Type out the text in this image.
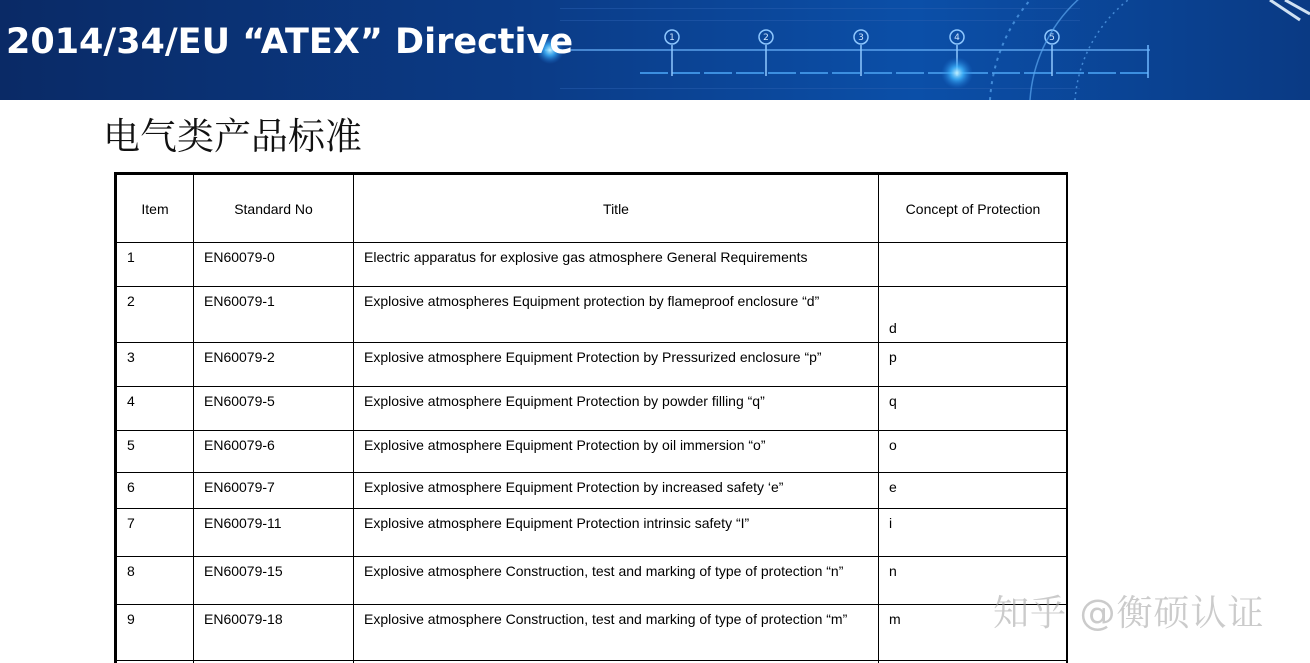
1	2	3	4	5
2014/34/EU “ATEX” Directive
电气类产品标准
Item	Standard No	Title	Concept of Protection

1	EN60079-0	Electric apparatus for explosive gas atmosphere General Requirements	

2	EN60079-1	Explosive atmospheres Equipment protection by flameproof enclosure “d”	d

3	EN60079-2	Explosive atmosphere Equipment Protection by Pressurized enclosure “p”	p

4	EN60079-5	Explosive atmosphere Equipment Protection by powder filling “q”	q

5	EN60079-6	Explosive atmosphere Equipment Protection by oil immersion “o”	o

6	EN60079-7	Explosive atmosphere Equipment Protection by increased safety ‘e”	e

7	EN60079-11	Explosive atmosphere Equipment Protection intrinsic safety “I”	i

8	EN60079-15	Explosive atmosphere Construction, test and marking of type of protection “n”	n

9	EN60079-18	Explosive atmosphere Construction, test and marking of type of protection “m”	m

				知乎 @衡硕认证
